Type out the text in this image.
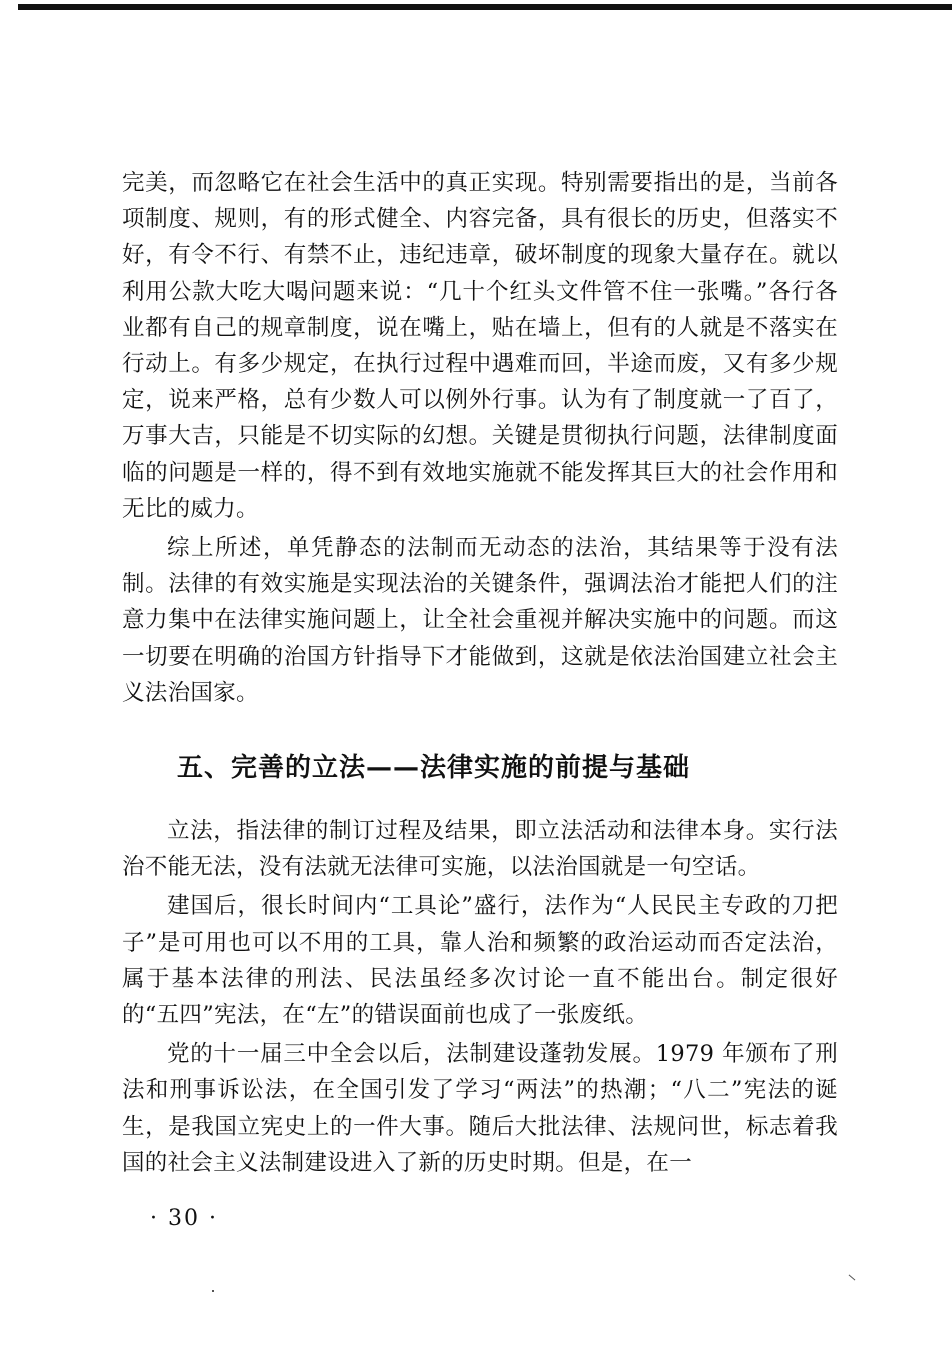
完美，而忽略它在社会生活中的真正实现。特别需要指出的是，当前各项制度、规则，有的形式健全、内容完备，具有很长的历史，但落实不好，有令不行、有禁不止，违纪违章，破坏制度的现象大量存在。就以利用公款大吃大喝问题来说：“几十个红头文件管不住一张嘴。”各行各业都有自己的规章制度，说在嘴上，贴在墙上，但有的人就是不落实在行动上。有多少规定，在执行过程中遇难而回，半途而废，又有多少规定，说来严格，总有少数人可以例外行事。认为有了制度就一了百了，万事大吉，只能是不切实际的幻想。关键是贯彻执行问题，法律制度面临的问题是一样的，得不到有效地实施就不能发挥其巨大的社会作用和无比的威力。

综上所述，单凭静态的法制而无动态的法治，其结果等于没有法制。法律的有效实施是实现法治的关键条件，强调法治才能把人们的注意力集中在法律实施问题上，让全社会重视并解决实施中的问题。而这一切要在明确的治国方针指导下才能做到，这就是依法治国建立社会主义法治国家。

五、完善的立法——法律实施的前提与基础

立法，指法律的制订过程及结果，即立法活动和法律本身。实行法治不能无法，没有法就无法律可实施，以法治国就是一句空话。

建国后，很长时间内“工具论”盛行，法作为“人民民主专政的刀把子”是可用也可以不用的工具，靠人治和频繁的政治运动而否定法治，属于基本法律的刑法、民法虽经多次讨论一直不能出台。制定很好的“五四”宪法，在“左”的错误面前也成了一张废纸。

党的十一届三中全会以后，法制建设蓬勃发展。1979 年颁布了刑法和刑事诉讼法，在全国引发了学习“两法”的热潮；“八二”宪法的诞生，是我国立宪史上的一件大事。随后大批法律、法规问世，标志着我国的社会主义法制建设进入了新的历史时期。但是，在一

· 30 ·
